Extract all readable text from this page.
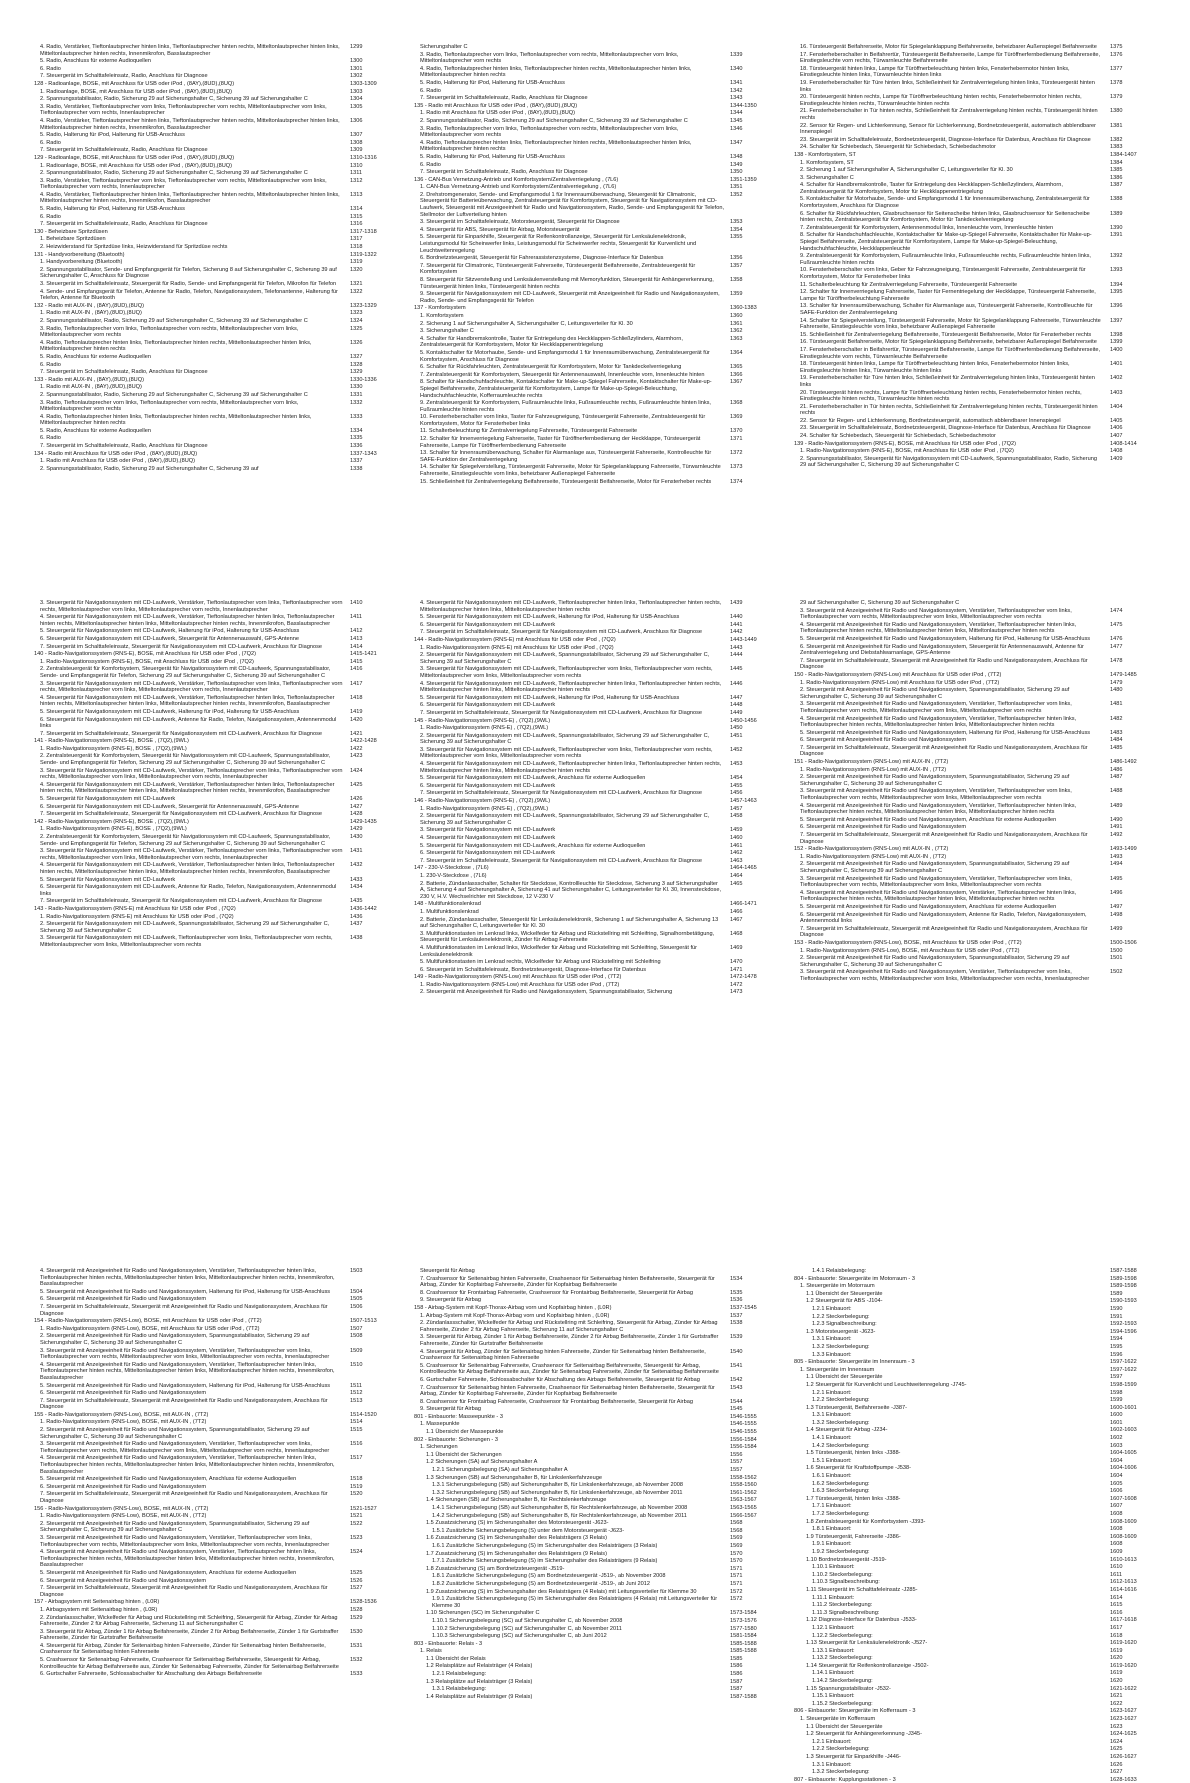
4. Radio, Verstärker, Tieftonlautsprecher hinten links, Tieftonlautsprecher hinten rechts, Mitteltonlautsprecher hinten links, Mitteltonlautsprecher hinten rechts, Innenmikrofon, Basslautsprecher
1299
5. Radio, Anschluss für externe Audioquellen	1300
6. Radio	1301
7. Steuergerät im Schalttafeleinsatz, Radio, Anschluss für Diagnose	1302
128 - Radioanlage, BOSE, mit Anschluss für USB oder iPod , (8AY),(8UD),(8UQ)	1303-1309
1. Radioanlage, BOSE, mit Anschluss für USB oder iPod , (8AY),(8UD),(8UQ)	1303
2. Spannungsstabilisator, Radio, Sicherung 29 auf Sicherungshalter C, Sicherung 39 auf Sicherungshalter C	1304
3. Radio, Verstärker, Tieftonlautsprecher vorn links, Tieftonlautsprecher vorn rechts, Mitteltonlautsprecher vorn links, Tieftonlautsprecher vorn rechts, Innenlautsprecher
1305
4. Radio, Verstärker, Tieftonlautsprecher hinten links, Tieftonlautsprecher hinten rechts, Mitteltonlautsprecher hinten links, Mitteltonlautsprecher hinten rechts, Innenmikrofon, Basslautsprecher
1306
5. Radio, Halterung für iPod, Halterung für USB-Anschluss	1307
6. Radio	1308
7. Steuergerät im Schalttafeleinsatz, Radio, Anschluss für Diagnose	1309
129 - Radioanlage, BOSE, mit Anschluss für USB oder iPod , (8AY),(8UD),(8UQ)	1310-1316
1. Radioanlage, BOSE, mit Anschluss für USB oder iPod , (8AY),(8UD),(8UQ)	1310
2. Spannungsstabilisator, Radio, Sicherung 29 auf Sicherungshalter C, Sicherung 39 auf Sicherungshalter C	1311
3. Radio, Verstärker, Tieftonlautsprecher vorn links, Tieftonlautsprecher vorn rechts, Mitteltonlautsprecher vorn links, Tieftonlautsprecher vorn rechts, Innenlautsprecher
1312
4. Radio, Verstärker, Tieftonlautsprecher hinten links, Tieftonlautsprecher hinten rechts, Mitteltonlautsprecher hinten links, Mitteltonlautsprecher hinten rechts, Innenmikrofon, Basslautsprecher
1313
5. Radio, Halterung für iPod, Halterung für USB-Anschluss	1314
6. Radio	1315
7. Steuergerät im Schalttafeleinsatz, Radio, Anschluss für Diagnose	1316
130 - Beheizbare Spritzdüsen	1317-1318
1. Beheizbare Spritzdüsen	1317
2. Heizwiderstand für Spritzdüse links, Heizwiderstand für Spritzdüse rechts	1318
131 - Handyvorbereitung (Bluetooth)	1319-1322
1. Handyvorbereitung (Bluetooth)	1319
2. Spannungsstabilisator, Sende- und Empfangsgerät für Telefon, Sicherung 8 auf Sicherungshalter C, Sicherung 39 auf Sicherungshalter C, Anschluss für Diagnose
1320
3. Steuergerät im Schalttafeleinsatz, Steuergerät für Radio, Sende- und Empfangsgerät für Telefon, Mikrofon für Telefon	1321
4. Sende- und Empfangsgerät für Telefon, Antenne für Radio, Telefon, Navigationssystem, Telefonantenne, Halterung für Telefon, Antenne für Bluetooth
1322
132 - Radio mit AUX-IN , (8AY),(8UD),(8UQ)	1323-1329
1. Radio mit AUX-IN , (8AY),(8UD),(8UQ)	1323
2. Spannungsstabilisator, Radio, Sicherung 29 auf Sicherungshalter C, Sicherung 39 auf Sicherungshalter C	1324
3. Radio, Tieftonlautsprecher vorn links, Tieftonlautsprecher vorn rechts, Mitteltonlautsprecher vorn links, Mitteltonlautsprecher vorn rechts
1325
4. Radio, Tieftonlautsprecher hinten links, Tieftonlautsprecher hinten rechts, Mitteltonlautsprecher hinten links, Mitteltonlautsprecher hinten rechts
1326
5. Radio, Anschluss für externe Audioquellen	1327
6. Radio	1328
7. Steuergerät im Schalttafeleinsatz, Radio, Anschluss für Diagnose	1329
133 - Radio mit AUX-IN , (8AY),(8UD),(8UQ)	1330-1336
1. Radio mit AUX-IN , (8AY),(8UD),(8UQ)	1330
2. Spannungsstabilisator, Radio, Sicherung 29 auf Sicherungshalter C, Sicherung 39 auf Sicherungshalter C	1331
3. Radio, Tieftonlautsprecher vorn links, Tieftonlautsprecher vorn rechts, Mitteltonlautsprecher vorn links, Mitteltonlautsprecher vorn rechts
1332
4. Radio, Tieftonlautsprecher hinten links, Tieftonlautsprecher hinten rechts, Mitteltonlautsprecher hinten links, Mitteltonlautsprecher hinten rechts
1333
5. Radio, Anschluss für externe Audioquellen	1334
6. Radio	1335
7. Steuergerät im Schalttafeleinsatz, Radio, Anschluss für Diagnose	1336
134 - Radio mit Anschluss für USB oder iPod , (8AY),(8UD),(8UQ)	1337-1343
1. Radio mit Anschluss für USB oder iPod , (8AY),(8UD),(8UQ)	1337
2. Spannungsstabilisator, Radio, Sicherung 29 auf Sicherungshalter C, Sicherung 39 auf	1338
Sicherungshalter C
3. Radio, Tieftonlautsprecher vorn links, Tieftonlautsprecher vorn rechts, Mitteltonlautsprecher vorn links, Mitteltonlautsprecher vorn rechts
1339
4. Radio, Tieftonlautsprecher hinten links, Tieftonlautsprecher hinten rechts, Mitteltonlautsprecher hinten links, Mitteltonlautsprecher hinten rechts
1340
5. Radio, Halterung für iPod, Halterung für USB-Anschluss	1341
6. Radio	1342
7. Steuergerät im Schalttafeleinsatz, Radio, Anschluss für Diagnose	1343
135 - Radio mit Anschluss für USB oder iPod , (8AY),(8UD),(8UQ)	1344-1350
1. Radio mit Anschluss für USB oder iPod , (8AY),(8UD),(8UQ)	1344
2. Spannungsstabilisator, Radio, Sicherung 29 auf Sicherungshalter C, Sicherung 39 auf Sicherungshalter C	1345
3. Radio, Tieftonlautsprecher vorn links, Tieftonlautsprecher vorn rechts, Mitteltonlautsprecher vorn links, Mitteltonlautsprecher vorn rechts
1346
4. Radio, Tieftonlautsprecher hinten links, Tieftonlautsprecher hinten rechts, Mitteltonlautsprecher hinten links, Mitteltonlautsprecher hinten rechts
1347
5. Radio, Halterung für iPod, Halterung für USB-Anschluss	1348
6. Radio	1349
7. Steuergerät im Schalttafeleinsatz, Radio, Anschluss für Diagnose	1350
136 - CAN-Bus Vernetzung-Antrieb und Komfortsystem/Zentralverriegelung , (7L6)	1351-1359
1. CAN-Bus Vernetzung-Antrieb und Komfortsystem/Zentralverriegelung , (7L6)	1351
2. Drehstromgenerator, Sende- und Empfangsmodul 1 für Innenraumüberwachung, Steuergerät für Climatronic, Steuergerät für Batterieüberwachung, Zentralsteuergerät für Komfortsystem, Steuergerät für Navigationssystem mit CD-Laufwerk, Steuergerät mit Anzeigeeinheit für Radio und Navigationssystem, Radio, Sende- und Empfangsgerät für Telefon, Stellmotor der Luftverteilung hinten
1352
3. Steuergerät im Schalttafeleinsatz, Motorsteuergerät, Steuergerät für Diagnose	1353
4. Steuergerät für ABS, Steuergerät für Airbag, Motorsteuergerät	1354
5. Steuergerät für Einparkhilfe, Steuergerät für Reifenkontrollanzeige, Steuergerät für Lenksäulenelektronik, Leistungsmodul für Scheinwerfer links, Leistungsmodul für Scheinwerfer rechts, Steuergerät für Kurvenlicht und Leuchtweitenregelung
1355
6. Bordnetzsteuergerät, Steuergerät für Fahrerassistenzsysteme, Diagnose-Interface für Datenbus	1356
7. Steuergerät für Climatronic, Türsteuergerät Fahrerseite, Türsteuergerät Beifahrerseite, Zentralsteuergerät für Komfortsystem
1357
8. Steuergerät für Sitzverstellung und Lenksäulenverstellung mit Memoryfunktion, Steuergerät für Anhängererkennung, Türsteuergerät hinten links, Türsteuergerät hinten rechts
1358
9. Steuergerät für Navigationssystem mit CD-Laufwerk, Steuergerät mit Anzeigeeinheit für Radio und Navigationssystem, Radio, Sende- und Empfangsgerät für Telefon
1359
137 - Komfortsystem	1360-1383
1. Komfortsystem	1360
2. Sicherung 1 auf Sicherungshalter A, Sicherungshalter C, Leitungsverteiler für Kl. 30	1361
3. Sicherungshalter C	1362
4. Schalter für Handbremskontrolle, Taster für Entriegelung des Heckklappen-Schließzylinders, Alarmhorn, Zentralsteuergerät für Komfortsystem, Motor für Heckklappenentriegelung
1363
5. Kontaktschalter für Motorhaube, Sende- und Empfangsmodul 1 für Innenraumüberwachung, Zentralsteuergerät für Komfortsystem, Anschluss für Diagnose
1364
6. Schalter für Rückfahrleuchten, Zentralsteuergerät für Komfortsystem, Motor für Tankdeckelverriegelung	1365
7. Zentralsteuergerät für Komfortsystem, Steuergerät für Antennenauswahl, Innenleuchte vorn, Innenleuchte hinten	1366
8. Schalter für Handschuhfachleuchte, Kontaktschalter für Make-up-Spiegel Fahrerseite, Kontaktschalter für Make-up-Spiegel Beifahrerseite, Zentralsteuergerät für Komfortsystem, Lampe für Make-up-Spiegel-Beleuchtung, Handschuhfachleuchte, Kofferraumleuchte rechts
1367
9. Zentralsteuergerät für Komfortsystem, Fußraumleuchte links, Fußraumleuchte rechts, Fußraumleuchte hinten links, Fußraumleuchte hinten rechts
1368
10. Fensterheberschalter vorn links, Taster für Fahrzeugneigung, Türsteuergerät Fahrerseite, Zentralsteuergerät für Komfortsystem, Motor für Fensterheber links
1369
11. Schalterbeleuchtung für Zentralverriegelung Fahrerseite, Türsteuergerät Fahrerseite	1370
12. Schalter für Innenverriegelung Fahrerseite, Taster für Türöffnerfernbedienung der Heckklappe, Türsteuergerät Fahrerseite, Lampe für Türöffnerfernbedienung Fahrerseite
1371
13. Schalter für Innenraumüberwachung, Schalter für Alarmanlage aus, Türsteuergerät Fahrerseite, Kontrolleuchte für SAFE-Funktion der Zentralverriegelung
1372
14. Schalter für Spiegelverstellung, Türsteuergerät Fahrerseite, Motor für Spiegelanklappung Fahrerseite, Türwarnleuchte Fahrerseite, Einstiegsleuchte vorn links, beheizbarer Außenspiegel Fahrerseite
1373
15. Schließeinheit für Zentralverriegelung Beifahrerseite, Türsteuergerät Beifahrerseite, Motor für Fensterheber rechts	1374
16. Türsteuergerät Beifahrerseite, Motor für Spiegelanklappung Beifahrerseite, beheizbarer Außenspiegel Beifahrerseite	1375
17. Fensterheberschalter in Beifahrertür, Türsteuergerät Beifahrerseite, Lampe für Türöffnerfernbedienung Beifahrerseite, Einstiegsleuchte vorn rechts, Türwarnleuchte Beifahrerseite
1376
18. Türsteuergerät hinten links, Lampe für Türöffnerbeleuchtung hinten links, Fensterhebermotor hinten links, Einstiegsleuchte hinten links, Türwarnleuchte hinten links
1377
19. Fensterheberschalter für Türe hinten links, Schließeinheit für Zentralverriegelung hinten links, Türsteuergerät hinten links
1378
20. Türsteuergerät hinten rechts, Lampe für Türöffnerbeleuchtung hinten rechts, Fensterhebermotor hinten rechts, Einstiegsleuchte hinten rechts, Türwarnleuchte hinten rechts
1379
21. Fensterheberschalter in Tür hinten rechts, Schließeinheit für Zentralverriegelung hinten rechts, Türsteuergerät hinten rechts
1380
22. Sensor für Regen- und Lichterkennung, Sensor für Lichterkennung, Bordnetzsteuergerät, automatisch abblendbarer Innenspiegel
1381
23. Steuergerät im Schalttafeleinsatz, Bordnetzsteuergerät, Diagnose-Interface für Datenbus, Anschluss für Diagnose	1382
24. Schalter für Schiebedach, Steuergerät für Schiebedach, Schiebedachmotor	1383
138 - Komfortsystem, ST	1384-1407
1. Komfortsystem, ST	1384
2. Sicherung 1 auf Sicherungshalter A, Sicherungshalter C, Leitungsverteiler für Kl. 30	1385
3. Sicherungshalter C	1386
4. Schalter für Handbremskontrolle, Taster für Entriegelung des Heckklappen-Schließzylinders, Alarmhorn, Zentralsteuergerät für Komfortsystem, Motor für Heckklappenentriegelung
1387
5. Kontaktschalter für Motorhaube, Sende- und Empfangsmodul 1 für Innenraumüberwachung, Zentralsteuergerät für Komfortsystem, Anschluss für Diagnose
1388
6. Schalter für Rückfahrleuchten, Glasbruchsensor für Seitenscheibe hinten links, Glasbruchsensor für Seitenscheibe hinten rechts, Zentralsteuergerät für Komfortsystem, Motor für Tankdeckelverriegelung
1389
7. Zentralsteuergerät für Komfortsystem, Antennenmodul links, Innenleuchte vorn, Innenleuchte hinten	1390
8. Schalter für Handschuhfachleuchte, Kontaktschalter für Make-up-Spiegel Fahrerseite, Kontaktschalter für Make-up-Spiegel Beifahrerseite, Zentralsteuergerät für Komfortsystem, Lampe für Make-up-Spiegel-Beleuchtung, Handschuhfachleuchte, Heckklappenleuchte
1391
9. Zentralsteuergerät für Komfortsystem, Fußraumleuchte links, Fußraumleuchte rechts, Fußraumleuchte hinten links, Fußraumleuchte hinten rechts
1392
10. Fensterheberschalter vorn links, Geber für Fahrzeugneigung, Türsteuergerät Fahrerseite, Zentralsteuergerät für Komfortsystem, Motor für Fensterheber links
1393
11. Schalterbeleuchtung für Zentralverriegelung Fahrerseite, Türsteuergerät Fahrerseite	1394
12. Schalter für Innenverriegelung Fahrerseite, Taster für Fernentriegelung der Heckklappe, Türsteuergerät Fahrerseite, Lampe für Türöffnerbeleuchtung Fahrerseite
1395
13. Schalter für Innenraumüberwachung, Schalter für Alarmanlage aus, Türsteuergerät Fahrerseite, Kontrollleuchte für SAFE-Funktion der Zentralverriegelung
1396
14. Schalter für Spiegelverstellung, Türsteuergerät Fahrerseite, Motor für Spiegelanklappung Fahrerseite, Türwarnleuchte Fahrerseite, Einstiegsleuchte vorn links, beheizbarer Außenspiegel Fahrerseite
1397
15. Schließeinheit für Zentralverriegelung Beifahrerseite, Türsteuergerät Beifahrerseite, Motor für Fensterheber rechts	1398
16. Türsteuergerät Beifahrerseite, Motor für Spiegelanklappung Beifahrerseite, beheizbarer Außenspiegel Beifahrerseite	1399
17. Fensterheberschalter in Beifahrertür, Türsteuergerät Beifahrerseite, Lampe für Türöffnerfernbedienung Beifahrerseite, Einstiegsleuchte vorn rechts, Türwarnleuchte Beifahrerseite
1400
18. Türsteuergerät hinten links, Lampe für Türöffnerbeleuchtung hinten links, Fensterhebermotor hinten links, Einstiegsleuchte hinten links, Türwarnleuchte hinten links
1401
19. Fensterheberschalter für Türe hinten links, Schließeinheit für Zentralverriegelung hinten links, Türsteuergerät hinten links
1402
20. Türsteuergerät hinten rechts, Lampe für Türöffnerbeleuchtung hinten rechts, Fensterhebermotor hinten rechts, Einstiegsleuchte hinten rechts, Türwarnleuchte hinten rechts
1403
21. Fensterheberschalter in Tür hinten rechts, Schließeinheit für Zentralverriegelung hinten rechts, Türsteuergerät hinten rechts
1404
22. Sensor für Regen- und Lichterkennung, Bordnetzsteuergerät, automatisch abblendbarer Innenspiegel	1405
23. Steuergerät im Schalttafeleinsatz, Bordnetzsteuergerät, Diagnose-Interface für Datenbus, Anschluss für Diagnose	1406
24. Schalter für Schiebedach, Steuergerät für Schiebedach, Schiebedachmotor	1407
139 - Radio-Navigationssystem (RNS-E), BOSE, mit Anschluss für USB oder iPod , (7Q2)	1408-1414
1. Radio-Navigationssystem (RNS-E), BOSE, mit Anschluss für USB oder iPod , (7Q2)	1408
2. Spannungsstabilisator, Steuergerät für Navigationssystem mit CD-Laufwerk, Spannungsstabilisator, Radio, Sicherung 29 auf Sicherungshalter C, Sicherung 39 auf Sicherungshalter C
1409
3. Steuergerät für Navigationssystem mit CD-Laufwerk, Verstärker, Tieftonlautsprecher vorn links, Tieftonlautsprecher vorn rechts, Mitteltonlautsprecher vorn links, Mitteltonlautsprecher vorn rechts, Innenlautsprecher
1410
4. Steuergerät für Navigationssystem mit CD-Laufwerk, Verstärker, Tieftonlautsprecher hinten links, Tieftonlautsprecher hinten rechts, Mitteltonlautsprecher hinten links, Mitteltonlautsprecher hinten rechts, Innenmikrofon, Basslautsprecher
1411
5. Steuergerät für Navigationssystem mit CD-Laufwerk, Halterung für iPod, Halterung für USB-Anschluss	1412
6. Steuergerät für Navigationssystem mit CD-Laufwerk, Steuergerät für Antennenauswahl, GPS-Antenne	1413
7. Steuergerät im Schalttafeleinsatz, Steuergerät für Navigationssystem mit CD-Laufwerk, Anschluss für Diagnose	1414
140 - Radio-Navigationssystem (RNS-E), BOSE, mit Anschluss für USB oder iPod , (7Q2)	1415-1421
1. Radio-Navigationssystem (RNS-E), BOSE, mit Anschluss für USB oder iPod , (7Q2)	1415
2. Zentralsteuergerät für Komfortsystem, Steuergerät für Navigationssystem mit CD-Laufwerk, Spannungsstabilisator, Sende- und Empfangsgerät für Telefon, Sicherung 29 auf Sicherungshalter C, Sicherung 39 auf Sicherungshalter C
1416
3. Steuergerät für Navigationssystem mit CD-Laufwerk, Verstärker, Tieftonlautsprecher vorn links, Tieftonlautsprecher vorn rechts, Mitteltonlautsprecher vorn links, Mitteltonlautsprecher vorn rechts, Innenlautsprecher
1417
4. Steuergerät für Navigationssystem mit CD-Laufwerk, Verstärker, Tieftonlautsprecher hinten links, Tieftonlautsprecher hinten rechts, Mitteltonlautsprecher hinten links, Mitteltonlautsprecher hinten rechts, Innenmikrofon, Basslautsprecher
1418
5. Steuergerät für Navigationssystem mit CD-Laufwerk, Halterung für iPod, Halterung für USB-Anschluss	1419
6. Steuergerät für Navigationssystem mit CD-Laufwerk, Antenne für Radio, Telefon, Navigationssystem, Antennenmodul links
1420
7. Steuergerät im Schalttafeleinsatz, Steuergerät für Navigationssystem mit CD-Laufwerk, Anschluss für Diagnose	1421
141 - Radio-Navigationssystem (RNS-E), BOSE , (7Q2),(9WL)	1422-1428
1. Radio-Navigationssystem (RNS-E), BOSE , (7Q2),(9WL)	1422
2. Zentralsteuergerät für Komfortsystem, Steuergerät für Navigationssystem mit CD-Laufwerk, Spannungsstabilisator, Sende- und Empfangsgerät für Telefon, Sicherung 29 auf Sicherungshalter C, Sicherung 39 auf Sicherungshalter C
1423
3. Steuergerät für Navigationssystem mit CD-Laufwerk, Verstärker, Tieftonlautsprecher vorn links, Tieftonlautsprecher vorn rechts, Mitteltonlautsprecher vorn links, Mitteltonlautsprecher vorn rechts, Innenlautsprecher
1424
4. Steuergerät für Navigationssystem mit CD-Laufwerk, Verstärker, Tieftonlautsprecher hinten links, Tieftonlautsprecher hinten rechts, Mitteltonlautsprecher hinten links, Mitteltonlautsprecher hinten rechts, Innenmikrofon, Basslautsprecher
1425
5. Steuergerät für Navigationssystem mit CD-Laufwerk	1426
6. Steuergerät für Navigationssystem mit CD-Laufwerk, Steuergerät für Antennenauswahl, GPS-Antenne	1427
7. Steuergerät im Schalttafeleinsatz, Steuergerät für Navigationssystem mit CD-Laufwerk, Anschluss für Diagnose	1428
142 - Radio-Navigationssystem (RNS-E), BOSE , (7Q2),(9WL)	1429-1435
1. Radio-Navigationssystem (RNS-E), BOSE , (7Q2),(9WL)	1429
2. Zentralsteuergerät für Komfortsystem, Steuergerät für Navigationssystem mit CD-Laufwerk, Spannungsstabilisator, Sende- und Empfangsgerät für Telefon, Sicherung 29 auf Sicherungshalter C, Sicherung 39 auf Sicherungshalter C
1430
3. Steuergerät für Navigationssystem mit CD-Laufwerk, Verstärker, Tieftonlautsprecher vorn links, Tieftonlautsprecher vorn rechts, Mitteltonlautsprecher vorn links, Mitteltonlautsprecher vorn rechts, Innenlautsprecher
1431
4. Steuergerät für Navigationssystem mit CD-Laufwerk, Verstärker, Tieftonlautsprecher hinten links, Tieftonlautsprecher hinten rechts, Mitteltonlautsprecher hinten links, Mitteltonlautsprecher hinten rechts, Innenmikrofon, Basslautsprecher
1432
5. Steuergerät für Navigationssystem mit CD-Laufwerk	1433
6. Steuergerät für Navigationssystem mit CD-Laufwerk, Antenne für Radio, Telefon, Navigationssystem, Antennenmodul links
1434
7. Steuergerät im Schalttafeleinsatz, Steuergerät für Navigationssystem mit CD-Laufwerk, Anschluss für Diagnose	1435
143 - Radio-Navigationssystem (RNS-E) mit Anschluss für USB oder iPod , (7Q2)	1436-1442
1. Radio-Navigationssystem (RNS-E) mit Anschluss für USB oder iPod , (7Q2)	1436
2. Steuergerät für Navigationssystem mit CD-Laufwerk, Spannungsstabilisator, Sicherung 29 auf Sicherungshalter C, Sicherung 39 auf Sicherungshalter C
1437
3. Steuergerät für Navigationssystem mit CD-Laufwerk, Tieftonlautsprecher vorn links, Tieftonlautsprecher vorn rechts, Mitteltonlautsprecher vorn links, Mitteltonlautsprecher vorn rechts
1438
4. Steuergerät für Navigationssystem mit CD-Laufwerk, Tieftonlautsprecher hinten links, Tieftonlautsprecher hinten rechts, Mitteltonlautsprecher hinten links, Mitteltonlautsprecher hinten rechts
1439
5. Steuergerät für Navigationssystem mit CD-Laufwerk, Halterung für iPod, Halterung für USB-Anschluss	1440
6. Steuergerät für Navigationssystem mit CD-Laufwerk	1441
7. Steuergerät im Schalttafeleinsatz, Steuergerät für Navigationssystem mit CD-Laufwerk, Anschluss für Diagnose	1442
144 - Radio-Navigationssystem (RNS-E) mit Anschluss für USB oder iPod , (7Q2)	1443-1449
1. Radio-Navigationssystem (RNS-E) mit Anschluss für USB oder iPod , (7Q2)	1443
2. Steuergerät für Navigationssystem mit CD-Laufwerk, Spannungsstabilisator, Sicherung 29 auf Sicherungshalter C, Sicherung 39 auf Sicherungshalter C
1444
3. Steuergerät für Navigationssystem mit CD-Laufwerk, Tieftonlautsprecher vorn links, Tieftonlautsprecher vorn rechts, Mitteltonlautsprecher vorn links, Mitteltonlautsprecher vorn rechts
1445
4. Steuergerät für Navigationssystem mit CD-Laufwerk, Tieftonlautsprecher hinten links, Tieftonlautsprecher hinten rechts, Mitteltonlautsprecher hinten links, Mitteltonlautsprecher hinten rechts
1446
5. Steuergerät für Navigationssystem mit CD-Laufwerk, Halterung für iPod, Halterung für USB-Anschluss	1447
6. Steuergerät für Navigationssystem mit CD-Laufwerk	1448
7. Steuergerät im Schalttafeleinsatz, Steuergerät für Navigationssystem mit CD-Laufwerk, Anschluss für Diagnose	1449
145 - Radio-Navigationssystem (RNS-E) , (7Q2),(9WL)	1450-1456
1. Radio-Navigationssystem (RNS-E) , (7Q2),(9WL)	1450
2. Steuergerät für Navigationssystem mit CD-Laufwerk, Spannungsstabilisator, Sicherung 29 auf Sicherungshalter C, Sicherung 39 auf Sicherungshalter C
1451
3. Steuergerät für Navigationssystem mit CD-Laufwerk, Tieftonlautsprecher vorn links, Tieftonlautsprecher vorn rechts, Mitteltonlautsprecher vorn links, Mitteltonlautsprecher vorn rechts
1452
4. Steuergerät für Navigationssystem mit CD-Laufwerk, Tieftonlautsprecher hinten links, Tieftonlautsprecher hinten rechts, Mitteltonlautsprecher hinten links, Mitteltonlautsprecher hinten rechts
1453
5. Steuergerät für Navigationssystem mit CD-Laufwerk, Anschluss für externe Audioquellen	1454
6. Steuergerät für Navigationssystem mit CD-Laufwerk	1455
7. Steuergerät im Schalttafeleinsatz, Steuergerät für Navigationssystem mit CD-Laufwerk, Anschluss für Diagnose	1456
146 - Radio-Navigationssystem (RNS-E) , (7Q2),(9WL)	1457-1463
1. Radio-Navigationssystem (RNS-E) , (7Q2),(9WL)	1457
2. Steuergerät für Navigationssystem mit CD-Laufwerk, Spannungsstabilisator, Sicherung 29 auf Sicherungshalter C, Sicherung 39 auf Sicherungshalter C
1458
3. Steuergerät für Navigationssystem mit CD-Laufwerk	1459
4. Steuergerät für Navigationssystem mit CD-Laufwerk	1460
5. Steuergerät für Navigationssystem mit CD-Laufwerk, Anschluss für externe Audioquellen	1461
6. Steuergerät für Navigationssystem mit CD-Laufwerk	1462
7. Steuergerät im Schalttafeleinsatz, Steuergerät für Navigationssystem mit CD-Laufwerk, Anschluss für Diagnose	1463
147 - 230-V-Steckdose , (7L6)	1464-1465
1. 230-V-Steckdose , (7L6)	1464
2. Batterie, Zündanlassschalter, Schalter für Steckdose, Kontrollleuchte für Steckdose, Sicherung 3 auf Sicherungshalter A, Sicherung 4 auf Sicherungshalter A, Sicherung 41 auf Sicherungshalter C, Leitungsverteiler für Kl. 30, Innensteckdose, 230 V, H.V. Wechselrichter mit Steckdose, 12 V-230 V
1465
148 - Multifunktionslenkrad	1466-1471
1. Multifunktionslenkrad	1466
2. Batterie, Zündanlassschalter, Steuergerät für Lenksäulenelektronik, Sicherung 1 auf Sicherungshalter A, Sicherung 13 auf Sicherungshalter C, Leitungsverteiler für Kl. 30
1467
3. Multifunktionstasten im Lenkrad links, Wickelfeder für Airbag und Rückstellring mit Schleifring, Signalhornbetätigung, Steuergerät für Lenksäulenelektronik, Zünder für Airbag Fahrerseite
1468
4. Multifunktionstasten im Lenkrad links, Wickelfeder für Airbag und Rückstellring mit Schleifring, Steuergerät für Lenksäulenelektronik
1469
5. Multifunktionstasten im Lenkrad rechts, Wickelfeder für Airbag und Rückstellring mit Schleifring	1470
6. Steuergerät im Schalttafeleinsatz, Bordnetzsteuergerät, Diagnose-Interface für Datenbus	1471
149 - Radio-Navigationssystem (RNS-Low) mit Anschluss für USB oder iPod , (7T2)	1472-1478
1. Radio-Navigationssystem (RNS-Low) mit Anschluss für USB oder iPod , (7T2)	1472
2. Steuergerät mit Anzeigeeinheit für Radio und Navigationssystem, Spannungsstabilisator, Sicherung	1473
29 auf Sicherungshalter C, Sicherung 39 auf Sicherungshalter C
3. Steuergerät mit Anzeigeeinheit für Radio und Navigationssystem, Verstärker, Tieftonlautsprecher vorn links, Tieftonlautsprecher vorn rechts, Mitteltonlautsprecher vorn links, Mitteltonlautsprecher vorn rechts
1474
4. Steuergerät mit Anzeigeeinheit für Radio und Navigationssystem, Verstärker, Tieftonlautsprecher hinten links, Tieftonlautsprecher hinten rechts, Mitteltonlautsprecher hinten links, Mitteltonlautsprecher hinten rechts
1475
5. Steuergerät mit Anzeigeeinheit für Radio und Navigationssystem, Halterung für iPod, Halterung für USB-Anschluss	1476
6. Steuergerät mit Anzeigeeinheit für Radio und Navigationssystem, Steuergerät für Antennenauswahl, Antenne für Zentralverriegelung und Diebstahlwarnanlage, GPS-Antenne
1477
7. Steuergerät im Schalttafeleinsatz, Steuergerät mit Anzeigeeinheit für Radio und Navigationssystem, Anschluss für Diagnose
1478
150 - Radio-Navigationssystem (RNS-Low) mit Anschluss für USB oder iPod , (7T2)	1479-1485
1. Radio-Navigationssystem (RNS-Low) mit Anschluss für USB oder iPod , (7T2)	1479
2. Steuergerät mit Anzeigeeinheit für Radio und Navigationssystem, Spannungsstabilisator, Sicherung 29 auf Sicherungshalter C, Sicherung 39 auf Sicherungshalter C
1480
3. Steuergerät mit Anzeigeeinheit für Radio und Navigationssystem, Verstärker, Tieftonlautsprecher vorn links, Tieftonlautsprecher vorn rechts, Mitteltonlautsprecher vorn links, Mitteltonlautsprecher vorn rechts
1481
4. Steuergerät mit Anzeigeeinheit für Radio und Navigationssystem, Verstärker, Tieftonlautsprecher hinten links, Tieftonlautsprecher hinten rechts, Mitteltonlautsprecher hinten links, Mitteltonlautsprecher hinten rechts
1482
5. Steuergerät mit Anzeigeeinheit für Radio und Navigationssystem, Halterung für iPod, Halterung für USB-Anschluss	1483
6. Steuergerät mit Anzeigeeinheit für Radio und Navigationssystem	1484
7. Steuergerät im Schalttafeleinsatz, Steuergerät mit Anzeigeeinheit für Radio und Navigationssystem, Anschluss für Diagnose
1485
151 - Radio-Navigationssystem (RNS-Low) mit AUX-IN , (7T2)	1486-1492
1. Radio-Navigationssystem (RNS-Low) mit AUX-IN , (7T2)	1486
2. Steuergerät mit Anzeigeeinheit für Radio und Navigationssystem, Spannungsstabilisator, Sicherung 29 auf Sicherungshalter C, Sicherung 39 auf Sicherungshalter C
1487
3. Steuergerät mit Anzeigeeinheit für Radio und Navigationssystem, Verstärker, Tieftonlautsprecher vorn links, Tieftonlautsprecher vorn rechts, Mitteltonlautsprecher vorn links, Mitteltonlautsprecher vorn rechts
1488
4. Steuergerät mit Anzeigeeinheit für Radio und Navigationssystem, Verstärker, Tieftonlautsprecher hinten links, Tieftonlautsprecher hinten rechts, Mitteltonlautsprecher hinten links, Mitteltonlautsprecher hinten rechts
1489
5. Steuergerät mit Anzeigeeinheit für Radio und Navigationssystem, Anschluss für externe Audioquellen	1490
6. Steuergerät mit Anzeigeeinheit für Radio und Navigationssystem	1491
7. Steuergerät im Schalttafeleinsatz, Steuergerät mit Anzeigeeinheit für Radio und Navigationssystem, Anschluss für Diagnose
1492
152 - Radio-Navigationssystem (RNS-Low) mit AUX-IN , (7T2)	1493-1499
1. Radio-Navigationssystem (RNS-Low) mit AUX-IN , (7T2)	1493
2. Steuergerät mit Anzeigeeinheit für Radio und Navigationssystem, Spannungsstabilisator, Sicherung 29 auf Sicherungshalter C, Sicherung 39 auf Sicherungshalter C
1494
3. Steuergerät mit Anzeigeeinheit für Radio und Navigationssystem, Verstärker, Tieftonlautsprecher vorn links, Tieftonlautsprecher vorn rechts, Mitteltonlautsprecher vorn links, Mitteltonlautsprecher vorn rechts
1495
4. Steuergerät mit Anzeigeeinheit für Radio und Navigationssystem, Verstärker, Tieftonlautsprecher hinten links, Tieftonlautsprecher hinten rechts, Mitteltonlautsprecher hinten links, Mitteltonlautsprecher hinten rechts
1496
5. Steuergerät mit Anzeigeeinheit für Radio und Navigationssystem, Anschluss für externe Audioquellen	1497
6. Steuergerät mit Anzeigeeinheit für Radio und Navigationssystem, Antenne für Radio, Telefon, Navigationssystem, Antennenmodul links
1498
7. Steuergerät im Schalttafeleinsatz, Steuergerät mit Anzeigeeinheit für Radio und Navigationssystem, Anschluss für Diagnose
1499
153 - Radio-Navigationssystem (RNS-Low), BOSE, mit Anschluss für USB oder iPod , (7T2)	1500-1506
1. Radio-Navigationssystem (RNS-Low), BOSE, mit Anschluss für USB oder iPod , (7T2)	1500
2. Steuergerät mit Anzeigeeinheit für Radio und Navigationssystem, Spannungsstabilisator, Sicherung 29 auf Sicherungshalter C, Sicherung 39 auf Sicherungshalter C
1501
3. Steuergerät mit Anzeigeeinheit für Radio und Navigationssystem, Verstärker, Tieftonlautsprecher vorn links, Tieftonlautsprecher vorn rechts, Mitteltonlautsprecher vorn links, Mitteltonlautsprecher vorn rechts, Innenlautsprecher
1502
4. Steuergerät mit Anzeigeeinheit für Radio und Navigationssystem, Verstärker, Tieftonlautsprecher hinten links, Tieftonlautsprecher hinten rechts, Mitteltonlautsprecher hinten links, Mitteltonlautsprecher hinten rechts, Innenmikrofon, Basslautsprecher
1503
5. Steuergerät mit Anzeigeeinheit für Radio und Navigationssystem, Halterung für iPod, Halterung für USB-Anschluss	1504
6. Steuergerät mit Anzeigeeinheit für Radio und Navigationssystem	1505
7. Steuergerät im Schalttafeleinsatz, Steuergerät mit Anzeigeeinheit für Radio und Navigationssystem, Anschluss für Diagnose
1506
154 - Radio-Navigationssystem (RNS-Low), BOSE, mit Anschluss für USB oder iPod , (7T2)	1507-1513
1. Radio-Navigationssystem (RNS-Low), BOSE, mit Anschluss für USB oder iPod , (7T2)	1507
2. Steuergerät mit Anzeigeeinheit für Radio und Navigationssystem, Spannungsstabilisator, Sicherung 29 auf Sicherungshalter C, Sicherung 39 auf Sicherungshalter C
1508
3. Steuergerät mit Anzeigeeinheit für Radio und Navigationssystem, Verstärker, Tieftonlautsprecher vorn links, Tieftonlautsprecher vorn rechts, Mitteltonlautsprecher vorn links, Mitteltonlautsprecher vorn rechts, Innenlautsprecher
1509
4. Steuergerät mit Anzeigeeinheit für Radio und Navigationssystem, Verstärker, Tieftonlautsprecher hinten links, Tieftonlautsprecher hinten rechts, Mitteltonlautsprecher hinten links, Mitteltonlautsprecher hinten rechts, Innenmikrofon, Basslautsprecher
1510
5. Steuergerät mit Anzeigeeinheit für Radio und Navigationssystem, Halterung für iPod, Halterung für USB-Anschluss	1511
6. Steuergerät mit Anzeigeeinheit für Radio und Navigationssystem	1512
7. Steuergerät im Schalttafeleinsatz, Steuergerät mit Anzeigeeinheit für Radio und Navigationssystem, Anschluss für Diagnose
1513
155 - Radio-Navigationssystem (RNS-Low), BOSE, mit AUX-IN , (7T2)	1514-1520
1. Radio-Navigationssystem (RNS-Low), BOSE, mit AUX-IN , (7T2)	1514
2. Steuergerät mit Anzeigeeinheit für Radio und Navigationssystem, Spannungsstabilisator, Sicherung 29 auf Sicherungshalter C, Sicherung 39 auf Sicherungshalter C
1515
3. Steuergerät mit Anzeigeeinheit für Radio und Navigationssystem, Verstärker, Tieftonlautsprecher vorn links, Tieftonlautsprecher vorn rechts, Mitteltonlautsprecher vorn links, Mitteltonlautsprecher vorn rechts, Innenlautsprecher
1516
4. Steuergerät mit Anzeigeeinheit für Radio und Navigationssystem, Verstärker, Tieftonlautsprecher hinten links, Tieftonlautsprecher hinten rechts, Mitteltonlautsprecher hinten links, Mitteltonlautsprecher hinten rechts, Innenmikrofon, Basslautsprecher
1517
5. Steuergerät mit Anzeigeeinheit für Radio und Navigationssystem, Anschluss für externe Audioquellen	1518
6. Steuergerät mit Anzeigeeinheit für Radio und Navigationssystem	1519
7. Steuergerät im Schalttafeleinsatz, Steuergerät mit Anzeigeeinheit für Radio und Navigationssystem, Anschluss für Diagnose
1520
156 - Radio-Navigationssystem (RNS-Low), BOSE, mit AUX-IN , (7T2)	1521-1527
1. Radio-Navigationssystem (RNS-Low), BOSE, mit AUX-IN , (7T2)	1521
2. Steuergerät mit Anzeigeeinheit für Radio und Navigationssystem, Spannungsstabilisator, Sicherung 29 auf Sicherungshalter C, Sicherung 39 auf Sicherungshalter C
1522
3. Steuergerät mit Anzeigeeinheit für Radio und Navigationssystem, Verstärker, Tieftonlautsprecher vorn links, Tieftonlautsprecher vorn rechts, Mitteltonlautsprecher vorn links, Mitteltonlautsprecher vorn rechts, Innenlautsprecher
1523
4. Steuergerät mit Anzeigeeinheit für Radio und Navigationssystem, Verstärker, Tieftonlautsprecher hinten links, Tieftonlautsprecher hinten rechts, Mitteltonlautsprecher hinten links, Mitteltonlautsprecher hinten rechts, Innenmikrofon, Basslautsprecher
1524
5. Steuergerät mit Anzeigeeinheit für Radio und Navigationssystem, Anschluss für externe Audioquellen	1525
6. Steuergerät mit Anzeigeeinheit für Radio und Navigationssystem	1526
7. Steuergerät im Schalttafeleinsatz, Steuergerät mit Anzeigeeinheit für Radio und Navigationssystem, Anschluss für Diagnose
1527
157 - Airbagsystem mit Seitenairbag hinten , (L0R)	1528-1536
1. Airbagsystem mit Seitenairbag hinten , (L0R)	1528
2. Zündanlassschalter, Wickelfeder für Airbag und Rückstellring mit Schleifring, Steuergerät für Airbag, Zünder für Airbag Fahrerseite, Zünder 2 für Airbag Fahrerseite, Sicherung 11 auf Sicherungshalter C
1529
3. Steuergerät für Airbag, Zünder 1 für Airbag Beifahrerseite, Zünder 2 für Airbag Beifahrerseite, Zünder 1 für Gurtstraffer Fahrerseite, Zünder für Gurtstraffer Beifahrerseite
1530
4. Steuergerät für Airbag, Zünder für Seitenairbag hinten Fahrerseite, Zünder für Seitenairbag hinten Beifahrerseite, Crashsensor für Seitenairbag hinten Fahrerseite
1531
5. Crashsensor für Seitenairbag Fahrerseite, Crashsensor für Seitenairbag Beifahrerseite, Steuergerät für Airbag, Kontrollleuchte für Airbag Beifahrerseite aus, Zünder für Seitenairbag Fahrerseite, Zünder für Seitenairbag Beifahrerseite
1532
6. Gurtschalter Fahrerseite, Schlossabschalter für Abschaltung des Airbags Beifahrerseite	1533
Steuergerät für Airbag
7. Crashsensor für Seitenairbag hinten Fahrerseite, Crashsensor für Seitenairbag hinten Beifahrerseite, Steuergerät für Airbag, Zünder für Kopfairbag Fahrerseite, Zünder für Kopfairbag Beifahrerseite
1534
8. Crashsensor für Frontairbag Fahrerseite, Crashsensor für Frontairbag Beifahrerseite, Steuergerät für Airbag	1535
9. Steuergerät für Airbag	1536
158 - Airbag-System mit Kopf-Thorax-Airbag vorn und Kopfairbag hinten , (L0R)	1537-1545
1. Airbag-System mit Kopf-Thorax-Airbag vorn und Kopfairbag hinten , (L0R)	1537
2. Zündanlassschalter, Wickelfeder für Airbag und Rückstellring mit Schleifring, Steuergerät für Airbag, Zünder für Airbag Fahrerseite, Zünder 2 für Airbag Fahrerseite, Sicherung 11 auf Sicherungshalter C
1538
3. Steuergerät für Airbag, Zünder 1 für Airbag Beifahrerseite, Zünder 2 für Airbag Beifahrerseite, Zünder 1 für Gurtstraffer Fahrerseite, Zünder für Gurtstraffer Beifahrerseite
1539
4. Steuergerät für Airbag, Zünder für Seitenairbag hinten Fahrerseite, Zünder für Seitenairbag hinten Beifahrerseite, Crashsensor für Seitenairbag hinten Fahrerseite
1540
5. Crashsensor für Seitenairbag Fahrerseite, Crashsensor für Seitenairbag Beifahrerseite, Steuergerät für Airbag, Kontrollleuchte für Airbag Beifahrerseite aus, Zünder für Seitenairbag Fahrerseite, Zünder für Seitenairbag Beifahrerseite
1541
6. Gurtschalter Fahrerseite, Schlossabschalter für Abschaltung des Airbags Beifahrerseite, Steuergerät für Airbag	1542
7. Crashsensor für Seitenairbag hinten Fahrerseite, Crashsensor für Seitenairbag hinten Beifahrerseite, Steuergerät für Airbag, Zünder für Kopfairbag Fahrerseite, Zünder für Kopfairbag Beifahrerseite
1543
8. Crashsensor für Frontairbag Fahrerseite, Crashsensor für Frontairbag Beifahrerseite, Steuergerät für Airbag	1544
9. Steuergerät für Airbag	1545
801 - Einbauorte: Masseepunkte - 3	1546-1555
1. Massepunkte	1546-1555
1.1 Übersicht der Massepunkte	1546-1555
802 - Einbauorte: Sicherungen - 3	1556-1584
1. Sicherungen	1556-1584
1.1 Übersicht der Sicherungen	1556
1.2 Sicherungen (SA) auf Sicherungshalter A	1557
1.2.1 Sicherungsbelegung (SA) auf Sicherungshalter A	1557
1.3 Sicherungen (SB) auf Sicherungshalter B, für Linkslenkerfahrzeuge	1558-1562
1.3.1 Sicherungsbelegung (SB) auf Sicherungshalter B, für Linkslenkerfahrzeuge, ab November 2008	1558-1560
1.3.2 Sicherungsbelegung (SB) auf Sicherungshalter B, für Linkslenkerfahrzeuge, ab November 2011	1561-1562
1.4 Sicherungen (SB) auf Sicherungshalter B, für Rechtslenkerfahrzeuge	1563-1567
1.4.1 Sicherungsbelegung (SB) auf Sicherungshalter B, für Rechtslenkerfahrzeuge, ab November 2008	1563-1565
1.4.2 Sicherungsbelegung (SB) auf Sicherungshalter B, für Rechtslenkerfahrzeuge, ab November 2011	1566-1567
1.5 Zusatzsicherung (S) im Sicherungshalter des Motorsteuergerät -J623-	1568
1.5.1 Zusätzliche Sicherungsbelegung (S) unter dem Motorsteuergerät -J623-	1568
1.6 Zusatzsicherung (S) im Sicherungshalter des Relaisträgers (3 Relais)	1569
1.6.1 Zusätzliche Sicherungsbelegung (S) im Sicherungshalter des Relaisträgers (3 Relais)	1569
1.7 Zusatzsicherung (S) im Sicherungshalter des Relaisträgers (9 Relais)	1570
1.7.1 Zusätzliche Sicherungsbelegung (S) im Sicherungshalter des Relaisträgers (9 Relais)	1570
1.8 Zusatzsicherung (S) am Bordnetzsteuergerät -J519-	1571
1.8.1 Zusätzliche Sicherungsbelegung (S) am Bordnetzsteuergerät -J519-, ab November 2008	1571
1.8.2 Zusätzliche Sicherungsbelegung (S) am Bordnetzsteuergerät -J519-, ab Juni 2012	1571
1.9 Zusatzsicherung (S) im Sicherungshalter des Relaisträgers (4 Relais) mit Leitungsverteiler für Klemme 30	1572
1.9.1 Zusätzliche Sicherungsbelegung (S) im Sicherungshalter des Relaisträgers (4 Relais) mit Leitungsverteiler für Klemme 30
1572
1.10 Sicherungen (SC) im Sicherungshalter C	1573-1584
1.10.1 Sicherungsbelegung (SC) auf Sicherungshalter C, ab November 2008	1573-1576
1.10.2 Sicherungsbelegung (SC) auf Sicherungshalter C, ab November 2011	1577-1580
1.10.3 Sicherungsbelegung (SC) auf Sicherungshalter C, ab Juni 2012	1581-1584
803 - Einbauorte: Relais - 3	1585-1588
1. Relais	1585-1588
1.1 Übersicht der Relais	1585
1.2 Relaisplätze auf Relaisträger (4 Relais)	1586
1.2.1 Relaisbelegung:	1586
1.3 Relaisplätze auf Relaisträger (3 Relais)	1587
1.3.1 Relaisbelegung:	1587
1.4 Relaisplätze auf Relaisträger (9 Relais)	1587-1588
1.4.1 Relaisbelegung:	1587-1588
804 - Einbauorte: Steuergeräte im Motorraum - 3	1589-1598
1. Steuergeräte im Motorraum	1589-1598
1.1 Übersicht der Steuergeräte	1589
1.2 Steuergerät für ABS -J104-	1590-1593
1.2.1 Einbauort:	1590
1.2.2 Steckerbelegung:	1591
1.2.3 Signalbeschreibung:	1592-1593
1.3 Motorsteuergerät -J623-	1594-1596
1.3.1 Einbauort:	1594
1.3.2 Steckerbelegung:	1595
1.3.3 Einbauort:	1596
805 - Einbauorte: Steuergeräte im Innenraum - 3	1597-1622
1. Steuergeräte im Innenraum	1597-1622
1.1 Übersicht der Steuergeräte	1597
1.2 Steuergerät für Kurvenlicht und Leuchtweitenregelung -J745-	1598-1599
1.2.1 Einbauort:	1598
1.2.2 Steckerbelegung:	1599
1.3 Türsteuergerät, Beifahrerseite -J387-	1600-1601
1.3.1 Einbauort:	1600
1.3.2 Steckerbelegung:	1601
1.4 Steuergerät für Airbag -J234-	1602-1603
1.4.1 Einbauort:	1602
1.4.2 Steckerbelegung:	1603
1.5 Türsteuergerät, hinten links -J388-	1604-1605
1.5.1 Einbauort:	1604
1.6 Steuergerät für Kraftstoffpumpe -J538-	1604-1606
1.6.1 Einbauort:	1604
1.6.2 Steckerbelegung:	1605
1.6.3 Steckerbelegung:	1606
1.7 Türsteuergerät, hinten links -J388-	1607-1608
1.7.1 Einbauort:	1607
1.7.2 Steckerbelegung:	1608
1.8 Zentralsteuergerät für Komfortsystem -J393-	1608-1609
1.8.1 Einbauort:	1608
1.9 Türsteuergerät, Fahrerseite -J386-	1608-1609
1.9.1 Einbauort:	1608
1.9.2 Steckerbelegung:	1609
1.10 Bordnetzsteuergerät -J519-	1610-1613
1.10.1 Einbauort:	1610
1.10.2 Steckerbelegung:	1611
1.10.3 Signalbeschreibung:	1612-1613
1.11 Steuergerät im Schalttafeleinsatz -J285-	1614-1616
1.11.1 Einbauort:	1614
1.11.2 Steckerbelegung:	1615
1.11.3 Signalbeschreibung:	1616
1.12 Diagnose-Interface für Datenbus -J533-	1617-1618
1.12.1 Einbauort:	1617
1.12.2 Steckerbelegung:	1618
1.13 Steuergerät für Lenksäulenelektronik -J527-	1619-1620
1.13.1 Einbauort:	1619
1.13.2 Steckerbelegung:	1620
1.14 Steuergerät für Reifenkontrollanzeige -J502-	1619-1620
1.14.1 Einbauort:	1619
1.14.2 Steckerbelegung:	1620
1.15 Spannungsstabilisator -J532-	1621-1622
1.15.1 Einbauort:	1621
1.15.2 Steckerbelegung:	1622
806 - Einbauorte: Steuergeräte im Kofferraum - 3	1623-1627
1. Steuergeräte im Kofferraum	1623-1627
1.1 Übersicht der Steuergeräte	1623
1.2 Steuergerät für Anhängererkennung -J345-	1624-1625
1.2.1 Einbauort:	1624
1.2.2 Steckerbelegung:	1625
1.3 Steuergerät für Einparkhilfe -J446-	1626-1627
1.3.1 Einbauort:	1626
1.3.2 Steckerbelegung:	1627
807 - Einbauorte: Kupplungsstationen - 3	1628-1633
